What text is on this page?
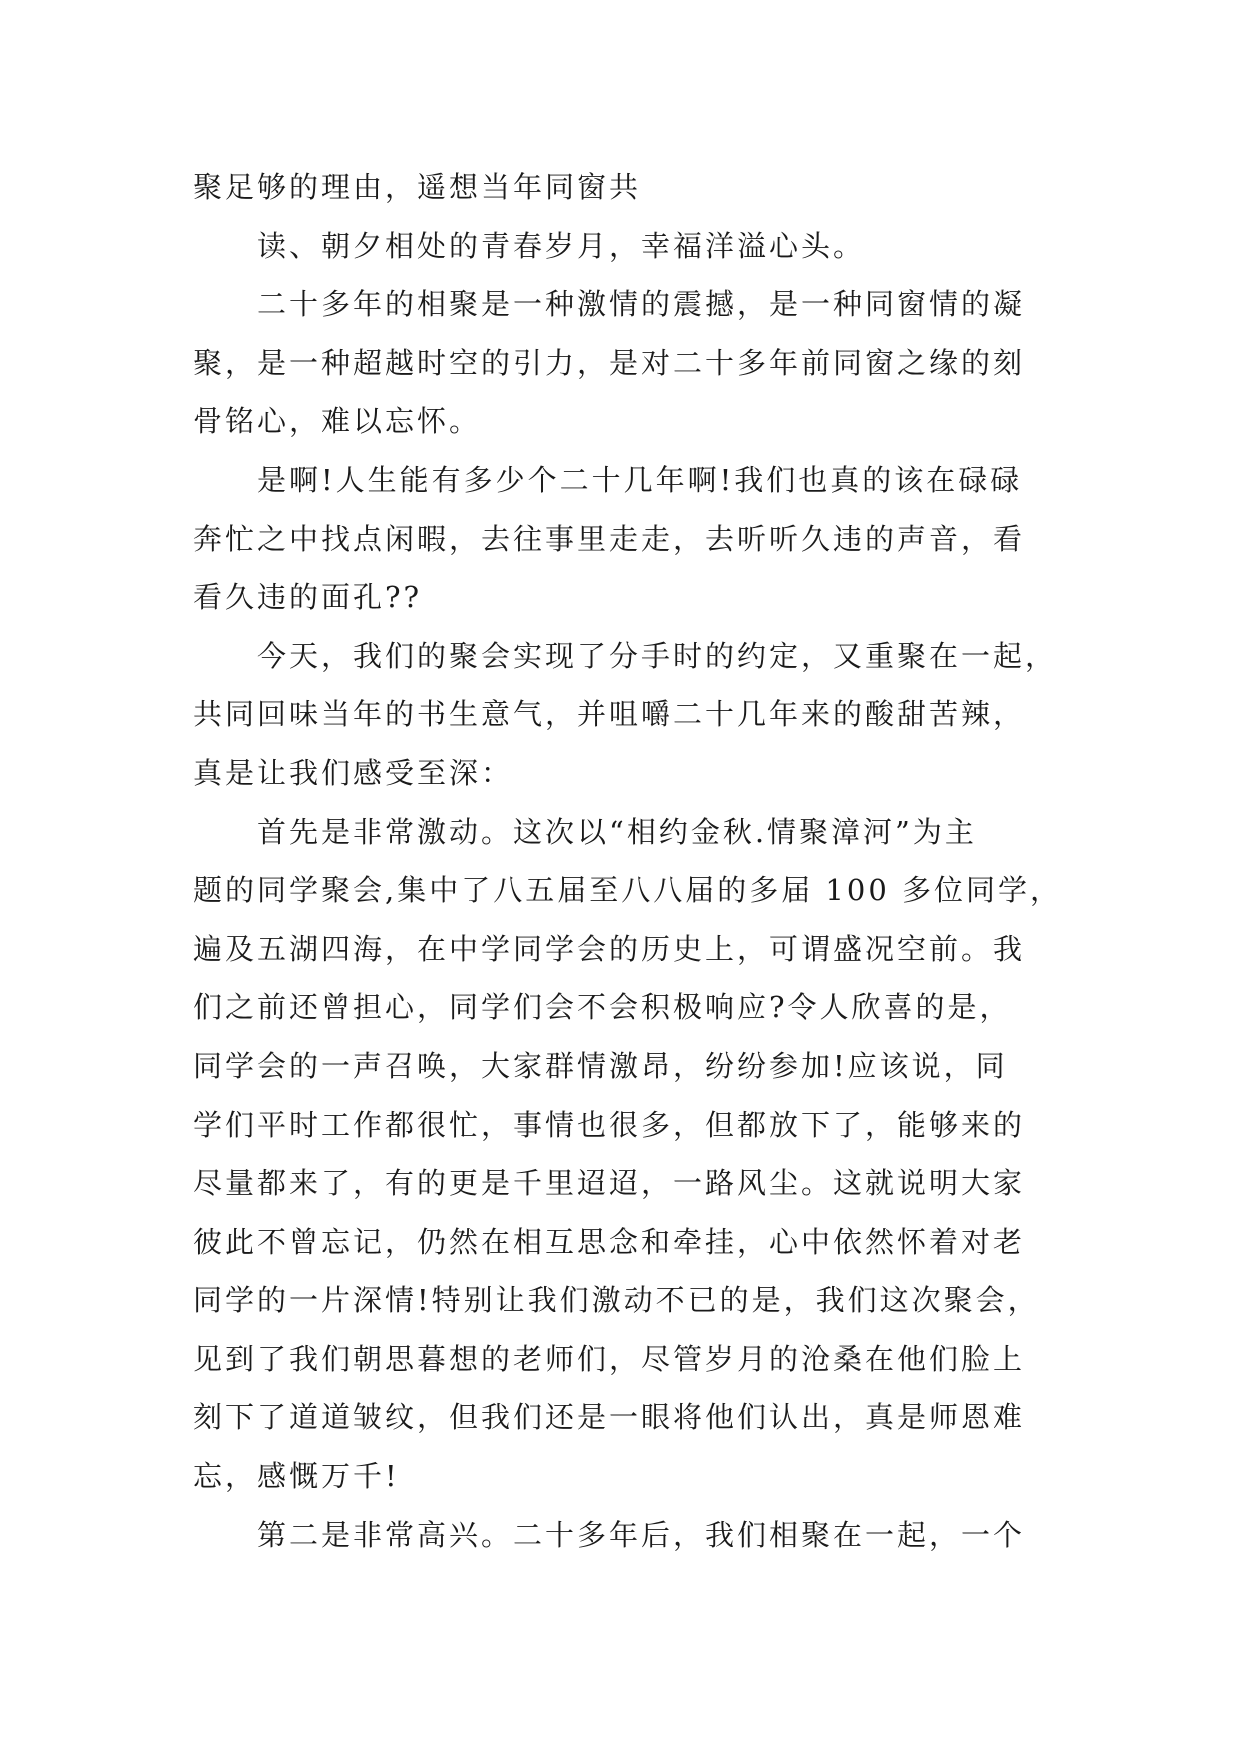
聚足够的理由，遥想当年同窗共
读、朝夕相处的青春岁月，幸福洋溢心头。
二十多年的相聚是一种激情的震撼，是一种同窗情的凝
聚，是一种超越时空的引力，是对二十多年前同窗之缘的刻
骨铭心，难以忘怀。
是啊!人生能有多少个二十几年啊!我们也真的该在碌碌
奔忙之中找点闲暇，去往事里走走，去听听久违的声音，看
看久违的面孔??
今天，我们的聚会实现了分手时的约定，又重聚在一起，
共同回味当年的书生意气，并咀嚼二十几年来的酸甜苦辣，
真是让我们感受至深：
首先是非常激动。这次以“相约金秋.情聚漳河”为主
题的同学聚会,集中了八五届至八八届的多届 100 多位同学，
遍及五湖四海，在中学同学会的历史上，可谓盛况空前。我
们之前还曾担心，同学们会不会积极响应?令人欣喜的是，
同学会的一声召唤，大家群情激昂，纷纷参加!应该说，同
学们平时工作都很忙，事情也很多，但都放下了，能够来的
尽量都来了，有的更是千里迢迢，一路风尘。这就说明大家
彼此不曾忘记，仍然在相互思念和牵挂，心中依然怀着对老
同学的一片深情!特别让我们激动不已的是，我们这次聚会，
见到了我们朝思暮想的老师们，尽管岁月的沧桑在他们脸上
刻下了道道皱纹，但我们还是一眼将他们认出，真是师恩难
忘，感慨万千!
第二是非常高兴。二十多年后，我们相聚在一起，一个
